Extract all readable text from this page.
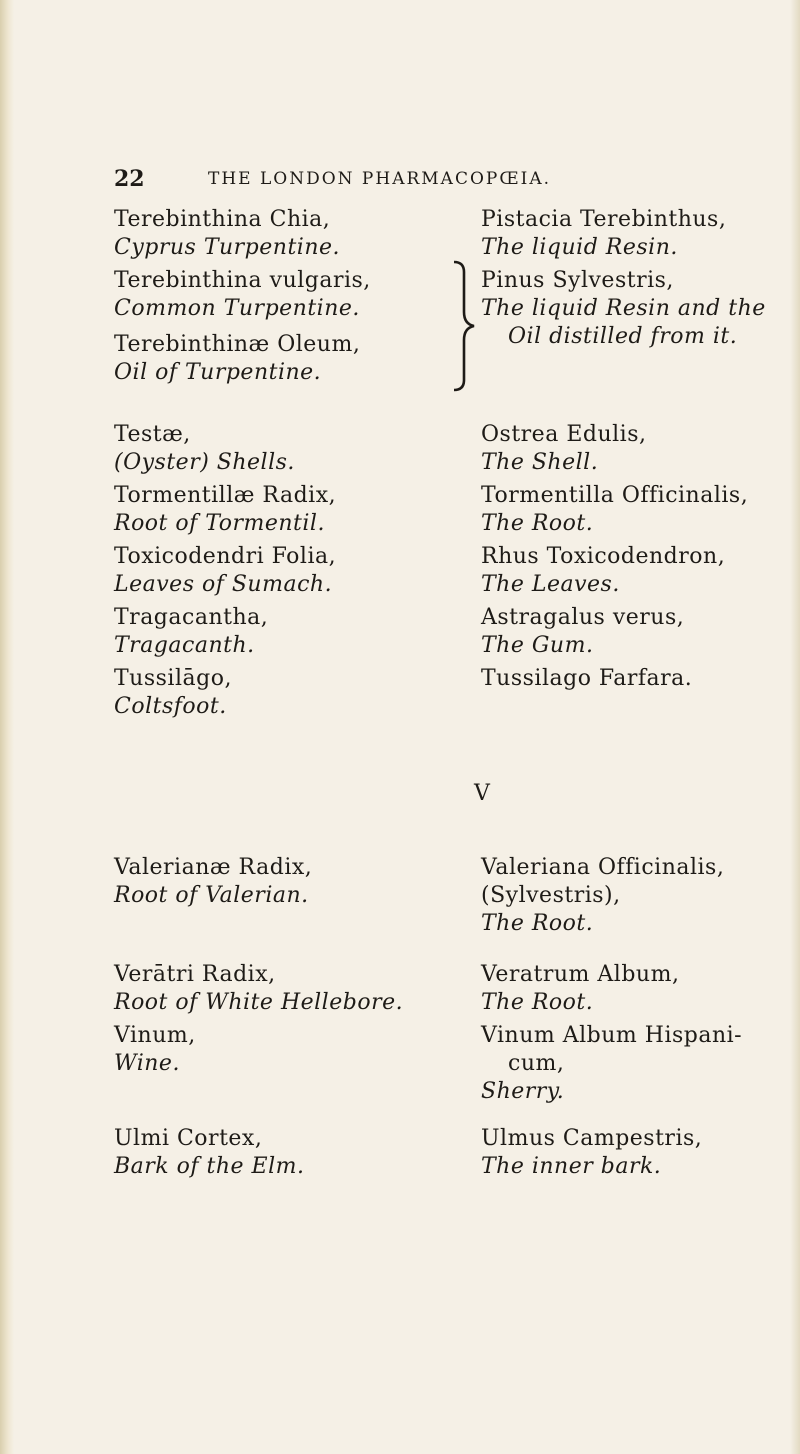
22	THE LONDON PHARMACOPŒIA.
Terebinthina Chia,
Cyprus Turpentine.
Pistacia Terebinthus,
The liquid Resin.
Terebinthina vulgaris,
Common Turpentine.
Terebinthinæ Oleum,
Oil of Turpentine.
Pinus Sylvestris,
The liquid Resin and the
Oil distilled from it.
Testæ,
(Oyster) Shells.
Ostrea Edulis,
The Shell.
Tormentillæ Radix,
Root of Tormentil.
Tormentilla Officinalis,
The Root.
Toxicodendri Folia,
Leaves of Sumach.
Rhus Toxicodendron,
The Leaves.
Tragacantha,
Tragacanth.
Astragalus verus,
The Gum.
Tussilāgo,
Coltsfoot.
Tussilago Farfara.
V
Valerianæ Radix,
Root of Valerian.
Valeriana Officinalis,
(Sylvestris),
The Root.
Verātri Radix,
Root of White Hellebore.
Veratrum Album,
The Root.
Vinum,
Wine.
Vinum Album Hispani-
cum,
Sherry.
Ulmi Cortex,
Bark of the Elm.
Ulmus Campestris,
The inner bark.
